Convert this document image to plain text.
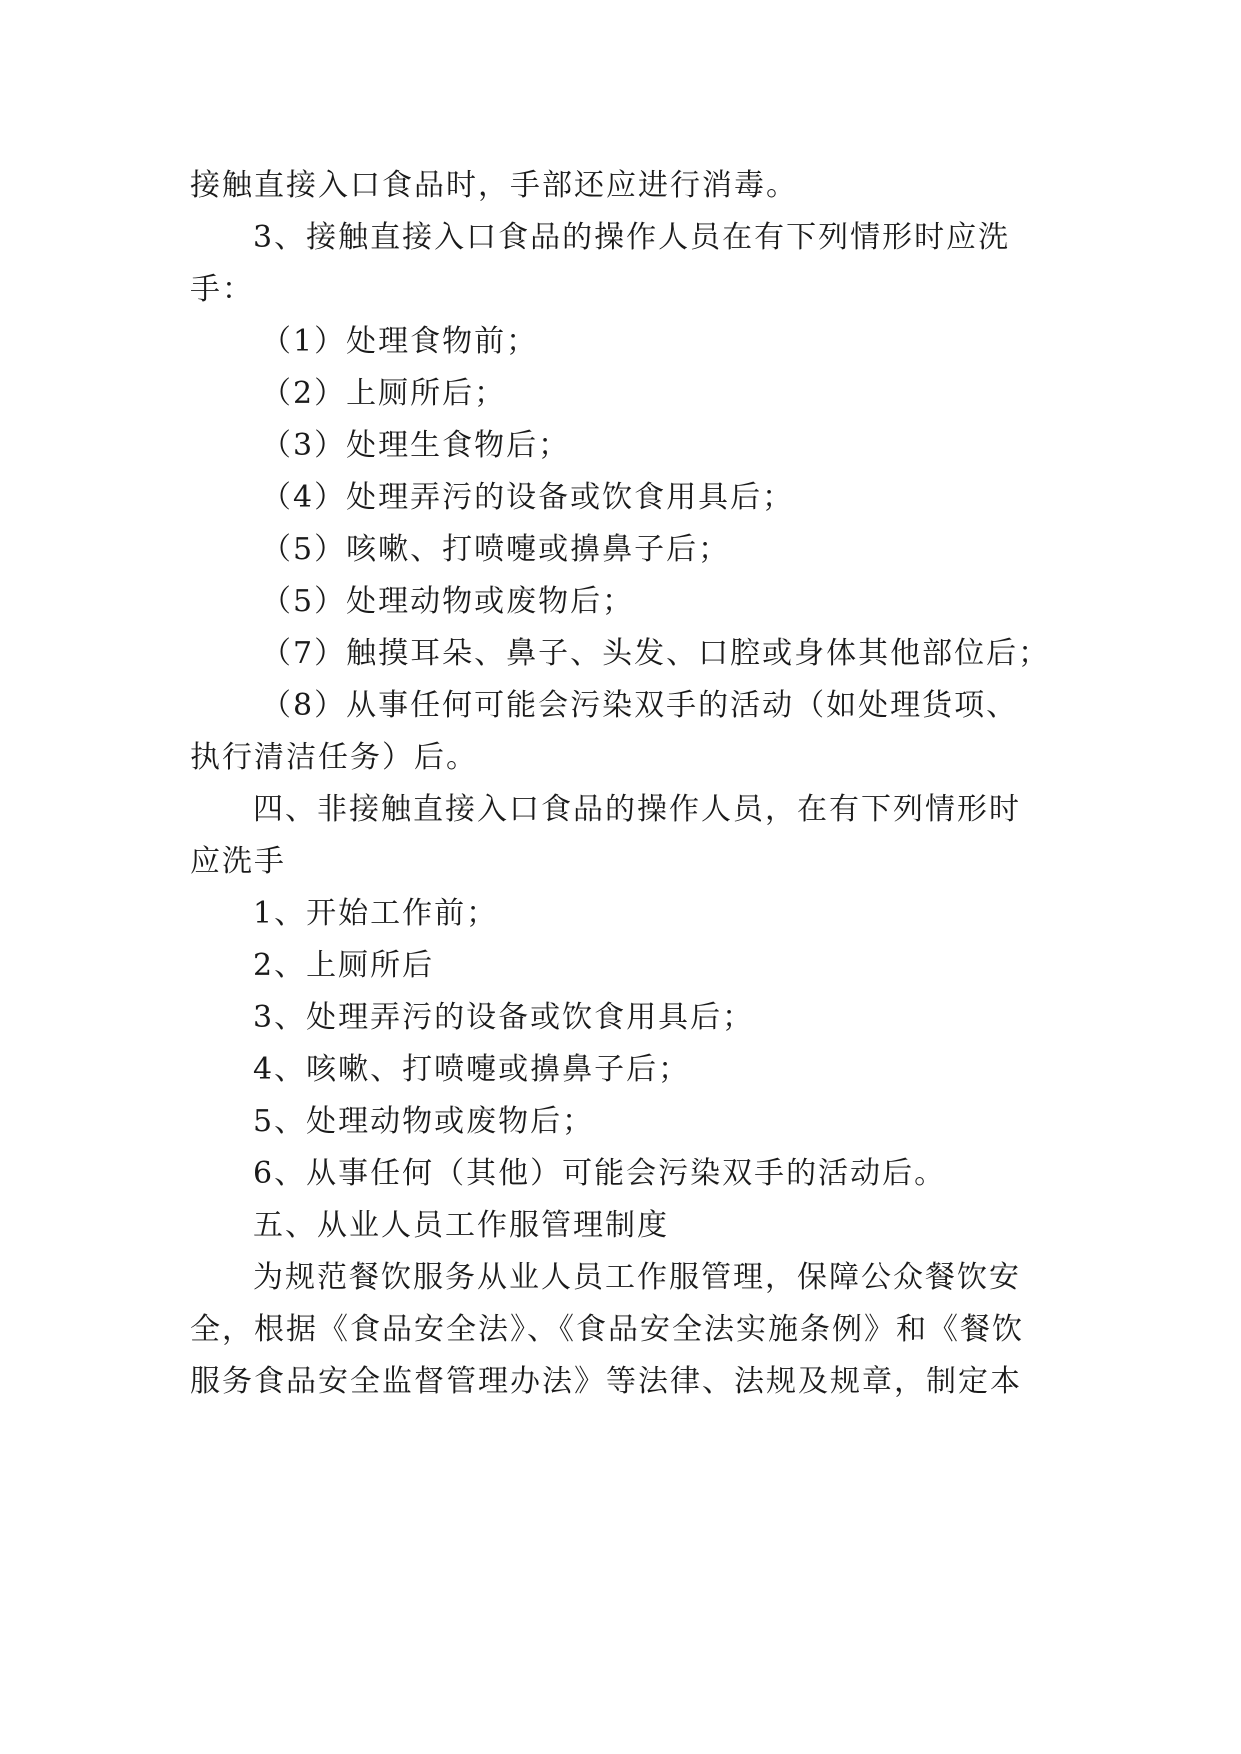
接触直接入口食品时，手部还应进行消毒。
3、接触直接入口食品的操作人员在有下列情形时应洗
手：
（1）处理食物前；
（2）上厕所后；
（3）处理生食物后；
（4）处理弄污的设备或饮食用具后；
（5）咳嗽、打喷嚏或擤鼻子后；
（5）处理动物或废物后；
（7）触摸耳朵、鼻子、头发、口腔或身体其他部位后；
（8）从事任何可能会污染双手的活动（如处理货项、
执行清洁任务）后。
四、非接触直接入口食品的操作人员，在有下列情形时
应洗手
1、开始工作前；
2、上厕所后
3、处理弄污的设备或饮食用具后；
4、咳嗽、打喷嚏或擤鼻子后；
5、处理动物或废物后；
6、从事任何（其他）可能会污染双手的活动后。
五、从业人员工作服管理制度
为规范餐饮服务从业人员工作服管理，保障公众餐饮安
全，根据《食品安全法》、《食品安全法实施条例》和《餐饮
服务食品安全监督管理办法》等法律、法规及规章，制定本
